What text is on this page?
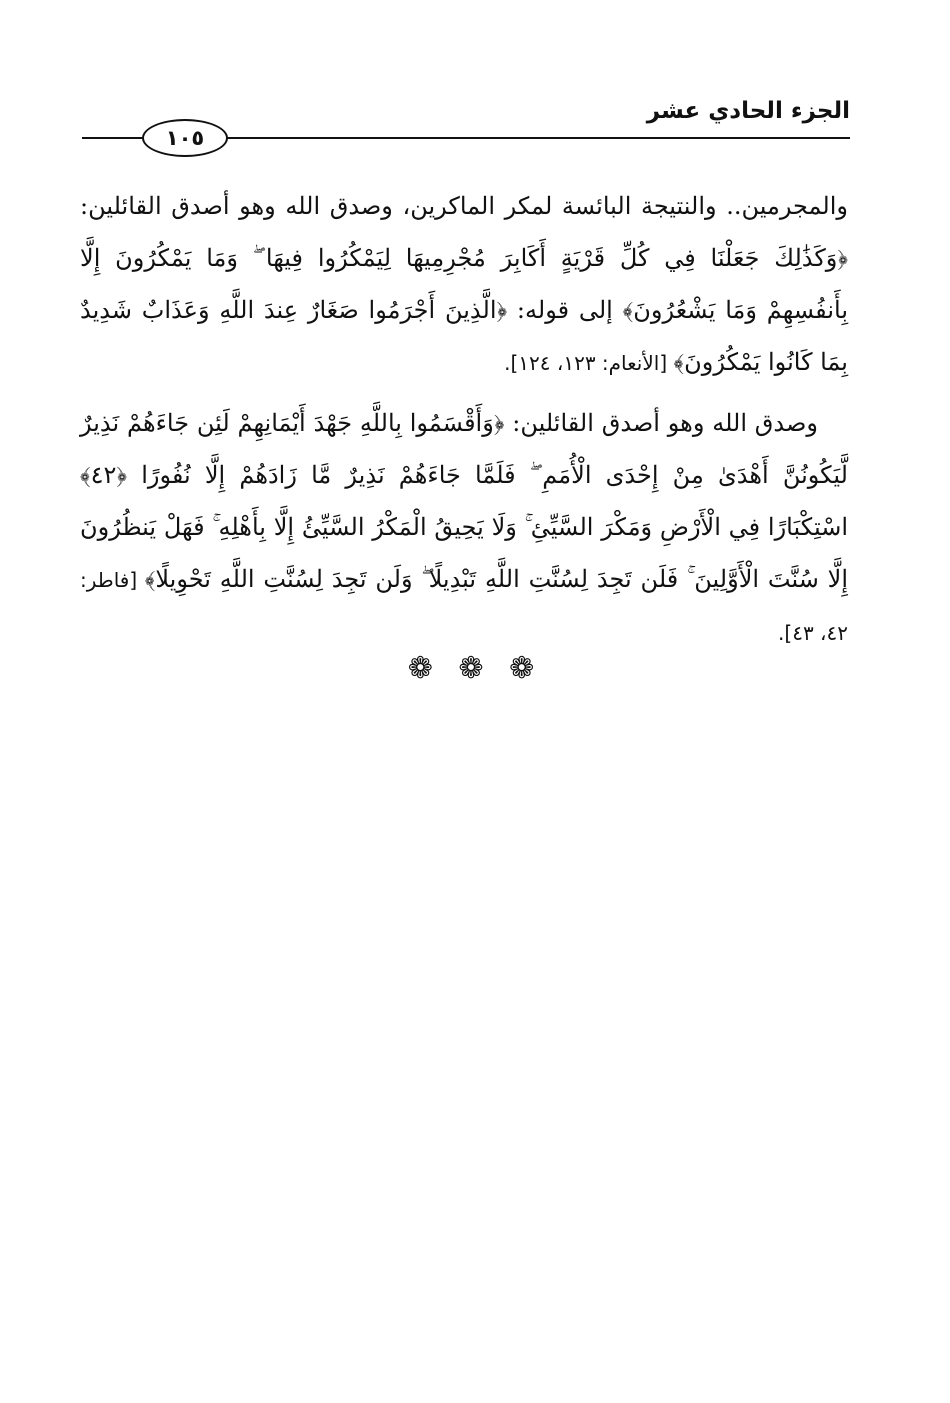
الجزء الحادي عشر
١٠٥

والمجرمين.. والنتيجة البائسة لمكر الماكرين، وصدق الله وهو أصدق القائلين: ﴿وَكَذَٰلِكَ جَعَلْنَا فِي كُلِّ قَرْيَةٍ أَكَابِرَ مُجْرِمِيهَا لِيَمْكُرُوا فِيهَا ۖ وَمَا يَمْكُرُونَ إِلَّا بِأَنفُسِهِمْ وَمَا يَشْعُرُونَ﴾ إلى قوله: ﴿الَّذِينَ أَجْرَمُوا صَغَارٌ عِندَ اللَّهِ وَعَذَابٌ شَدِيدٌ بِمَا كَانُوا يَمْكُرُونَ﴾ [الأنعام: ١٢٣، ١٢٤].

وصدق الله وهو أصدق القائلين: ﴿وَأَقْسَمُوا بِاللَّهِ جَهْدَ أَيْمَانِهِمْ لَئِن جَاءَهُمْ نَذِيرٌ لَّيَكُونُنَّ أَهْدَىٰ مِنْ إِحْدَى الْأُمَمِ ۖ فَلَمَّا جَاءَهُمْ نَذِيرٌ مَّا زَادَهُمْ إِلَّا نُفُورًا ﴿٤٢﴾ اسْتِكْبَارًا فِي الْأَرْضِ وَمَكْرَ السَّيِّئِ ۚ وَلَا يَحِيقُ الْمَكْرُ السَّيِّئُ إِلَّا بِأَهْلِهِ ۚ فَهَلْ يَنظُرُونَ إِلَّا سُنَّتَ الْأَوَّلِينَ ۚ فَلَن تَجِدَ لِسُنَّتِ اللَّهِ تَبْدِيلًا ۖ وَلَن تَجِدَ لِسُنَّتِ اللَّهِ تَحْوِيلًا﴾ [فاطر: ٤٢، ٤٣].

❁ ❁ ❁
